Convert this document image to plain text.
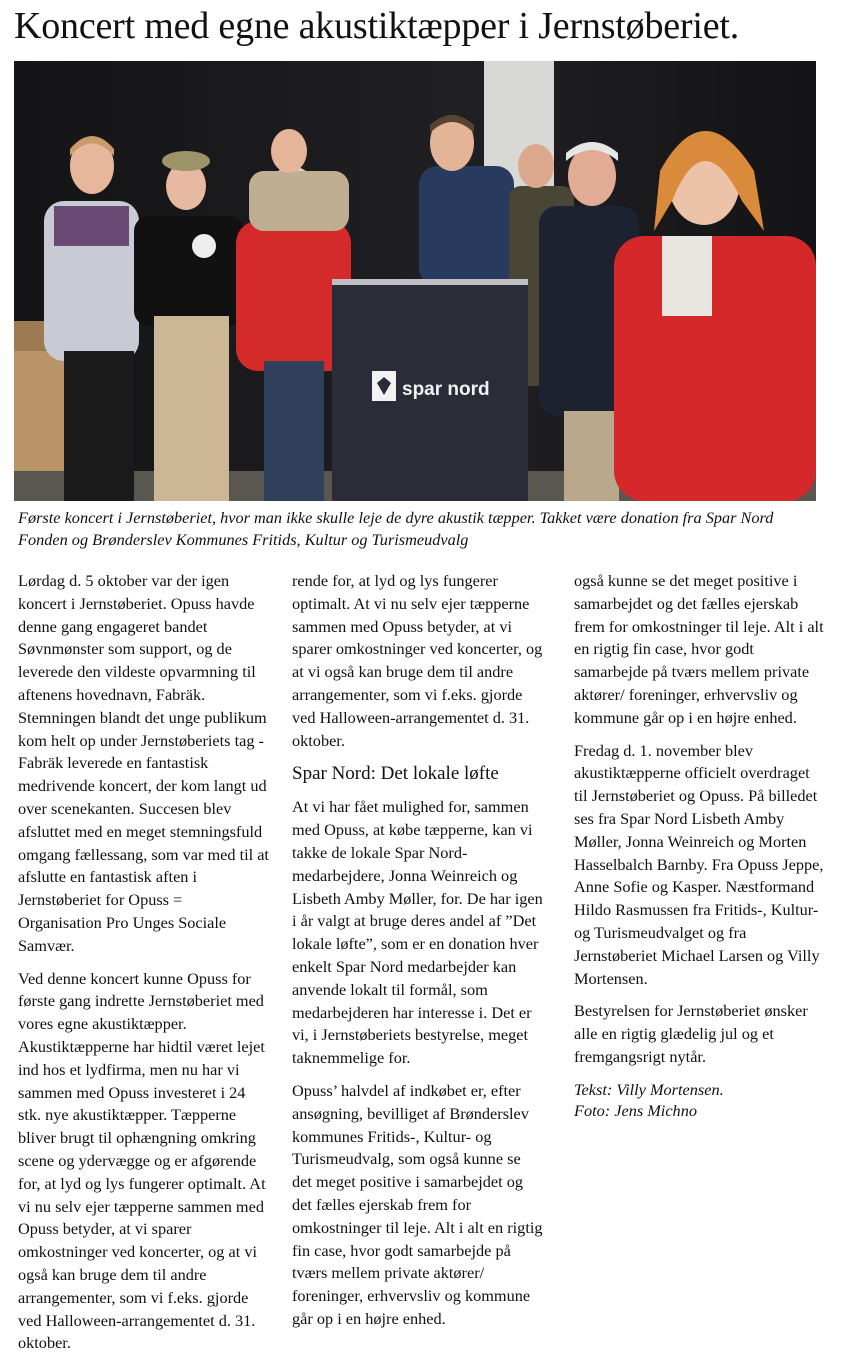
Koncert med egne akustiktæpper i Jernstøberiet.
spar nord

Første koncert i Jernstøberiet, hvor man ikke skulle leje de dyre akustik tæpper. Takket være donation fra Spar Nord Fonden og Brønderslev Kommunes Fritids, Kultur og Turismeudvalg

Lørdag d. 5 oktober var der igen koncert i Jernstøberiet. Opuss havde denne gang engageret bandet Søvnmønster som support, og de leverede den vildeste opvarmning til aftenens hovednavn, Fabräk. Stemningen blandt det unge publikum kom helt op under Jernstøberiets tag - Fabräk leverede en fantastisk medrivende koncert, der kom langt ud over scenekanten. Succesen blev afsluttet med en meget stemningsfuld omgang fællessang, som var med til at afslutte en fantastisk aften i Jernstøberiet for Opuss = Organisation Pro Unges Sociale Samvær.

Ved denne koncert kunne Opuss for første gang indrette Jernstøberiet med vores egne akustiktæpper. Akustiktæpperne har hidtil været lejet ind hos et lydfirma, men nu har vi sammen med Opuss investeret i 24 stk. nye akustiktæpper. Tæpperne bliver brugt til ophængning omkring scene og ydervægge og er afgørende for, at lyd og lys fungerer optimalt. At vi nu selv ejer tæpperne sammen med Opuss betyder, at vi sparer omkostninger ved koncerter, og at vi også kan bruge dem til andre arrangementer, som vi f.eks. gjorde ved Halloween-arrangementet d. 31. oktober.

rende for, at lyd og lys fungerer optimalt. At vi nu selv ejer tæpperne sammen med Opuss betyder, at vi sparer omkostninger ved koncerter, og at vi også kan bruge dem til andre arrangementer, som vi f.eks. gjorde ved Halloween-arrangementet d. 31. oktober.

Spar Nord: Det lokale løfte

At vi har fået mulighed for, sammen med Opuss, at købe tæpperne, kan vi takke de lokale Spar Nord-medarbejdere, Jonna Weinreich og Lisbeth Amby Møller, for. De har igen i år valgt at bruge deres andel af ”Det lokale løfte”, som er en donation hver enkelt Spar Nord medarbejder kan anvende lokalt til formål, som medarbejderen har interesse i. Det er vi, i Jernstøberiets bestyrelse, meget taknemmelige for.

Opuss’ halvdel af indkøbet er, efter ansøgning, bevilliget af Brønderslev kommunes Fritids-, Kultur- og Turismeudvalg, som også kunne se det meget positive i samarbejdet og det fælles ejerskab frem for omkostninger til leje. Alt i alt en rigtig fin case, hvor godt samarbejde på tværs mellem private aktører/ foreninger, erhvervsliv og kommune går op i en højre enhed.

også kunne se det meget positive i samarbejdet og det fælles ejerskab frem for omkostninger til leje. Alt i alt en rigtig fin case, hvor godt samarbejde på tværs mellem private aktører/ foreninger, erhvervsliv og kommune går op i en højre enhed.

Fredag d. 1. november blev akustiktæpperne officielt overdraget til Jernstøberiet og Opuss. På billedet ses fra Spar Nord Lisbeth Amby Møller, Jonna Weinreich og Morten Hasselbalch Barnby. Fra Opuss Jeppe, Anne Sofie og Kasper. Næstformand Hildo Rasmussen fra Fritids-, Kultur- og Turismeudvalget og fra Jernstøberiet Michael Larsen og Villy Mortensen.

Bestyrelsen for Jernstøberiet ønsker alle en rigtig glædelig jul og et fremgangsrigt nytår.

Tekst: Villy Mortensen.
Foto: Jens Michno
